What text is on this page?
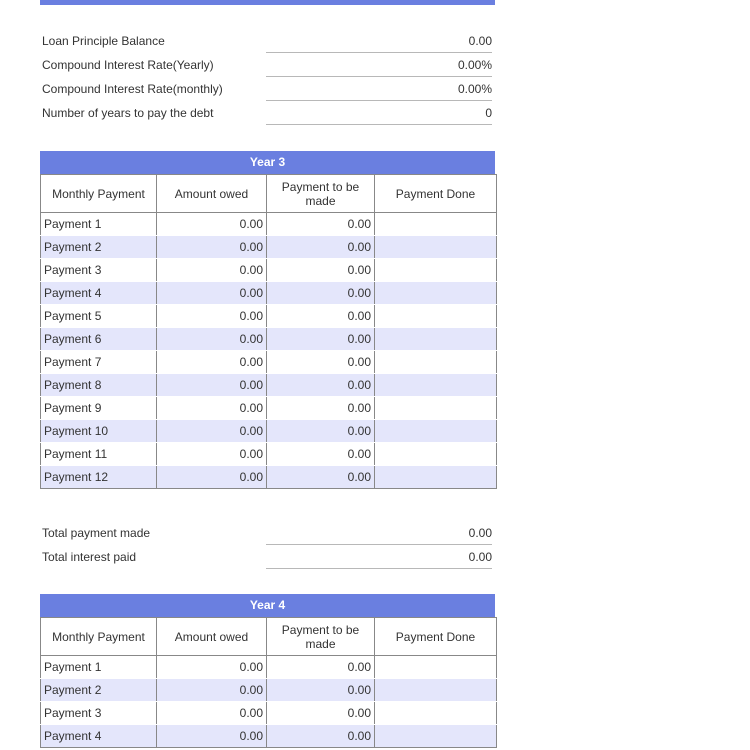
Loan Principle Balance	0.00
Compound Interest Rate(Yearly)	0.00%
Compound Interest Rate(monthly)	0.00%
Number of years to pay the debt	0
Year 3
Monthly Payment	Amount owed	Payment to be made	Payment Done
Payment 1	0.00	0.00	
Payment 2	0.00	0.00	
Payment 3	0.00	0.00	
Payment 4	0.00	0.00	
Payment 5	0.00	0.00	
Payment 6	0.00	0.00	
Payment 7	0.00	0.00	
Payment 8	0.00	0.00	
Payment 9	0.00	0.00	
Payment 10	0.00	0.00	
Payment 11	0.00	0.00	
Payment 12	0.00	0.00	
Total payment made	0.00
Total interest paid	0.00
Year 4
Monthly Payment	Amount owed	Payment to be made	Payment Done
Payment 1	0.00	0.00	
Payment 2	0.00	0.00	
Payment 3	0.00	0.00	
Payment 4	0.00	0.00	
